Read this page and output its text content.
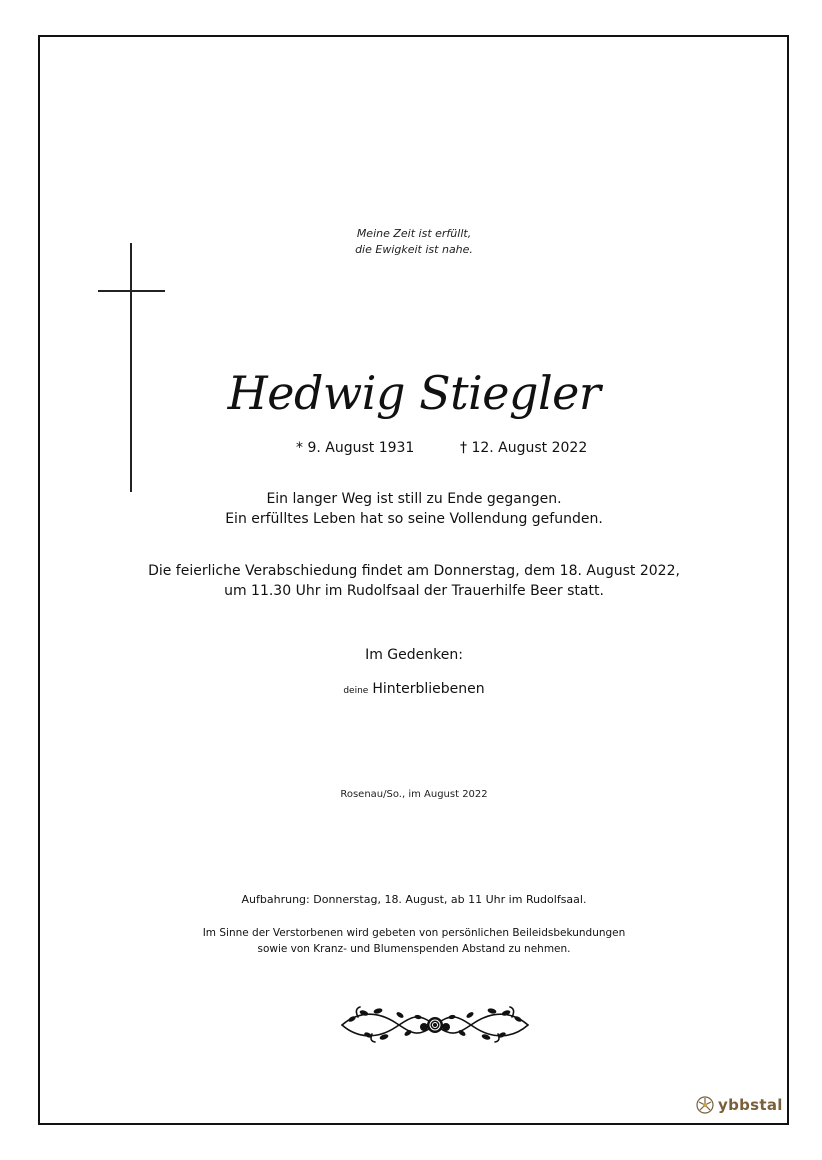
Meine Zeit ist erfüllt,
die Ewigkeit ist nahe.
Hedwig Stiegler
* 9. August 1931	† 12. August 2022
Ein langer Weg ist still zu Ende gegangen.
Ein erfülltes Leben hat so seine Vollendung gefunden.
Die feierliche Verabschiedung findet am Donnerstag, dem 18. August 2022,
um 11.30 Uhr im Rudolfsaal der Trauerhilfe Beer statt.
Im Gedenken:
deine Hinterbliebenen
Rosenau/So., im August 2022
Aufbahrung: Donnerstag, 18. August, ab 11 Uhr im Rudolfsaal.
Im Sinne der Verstorbenen wird gebeten von persönlichen Beileidsbekundungen
sowie von Kranz- und Blumenspenden Abstand zu nehmen.
ybbstal
